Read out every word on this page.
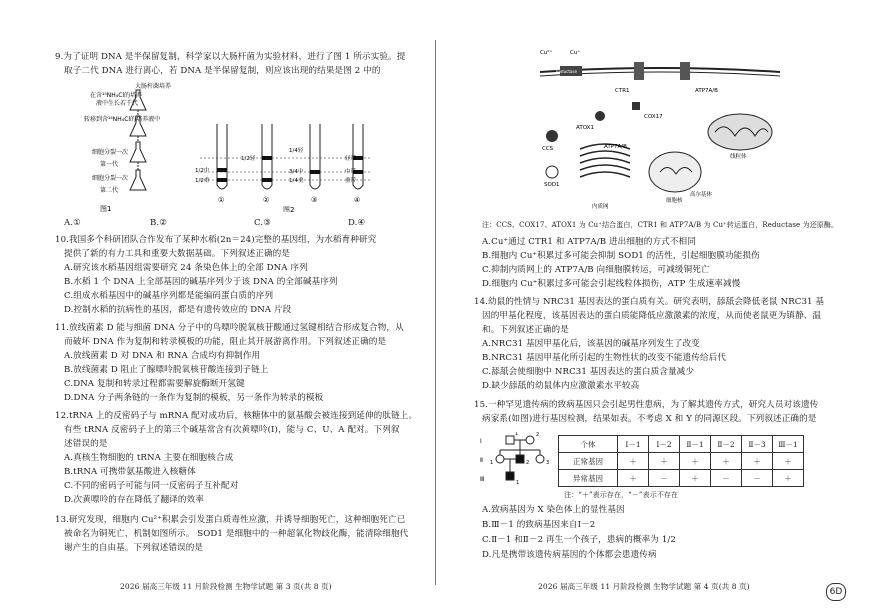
9.为了证明 DNA 是半保留复制，科学家以大肠杆菌为实验材料，进行了图 1 所示实验。提
取子二代 DNA 进行离心，若 DNA 是半保留复制，则应该出现的结果是图 2 中的
大肠杆菌培养
在含¹⁵NH₄Cl的培养
液中生长若干代
转移到含¹⁴NH₄Cl的培养液中
细胞分裂一次
第一代
细胞分裂一次
第二代
图1
1/2中
1/2重
1/2轻
1/4轻
3/4中
1/4重
轻带
中带
重带
①	②	③	④
图2
A.①	B.②	C.③	D.④
10.我国多个科研团队合作发布了某种水稻(2n＝24)完整的基因组，为水稻育种研究
提供了新的有力工具和重要大数据基础。下列叙述正确的是
A.研究该水稻基因组需要研究 24 条染色体上的全部 DNA 序列
B.水稻 1 个 DNA 上全部基因的碱基序列少于该 DNA 的全部碱基序列
C.组成水稻基因中的碱基序列都是能编码蛋白质的序列
D.控制水稻的抗病性的基因，都是有遗传效应的 DNA 片段
11.放线菌素 D 能与细菌 DNA 分子中的鸟嘌呤脱氧核苷酸通过氢键相结合形成复合物，从
而破坏 DNA 作为复制和转录模板的功能，阻止其开展游离作用。下列叙述正确的是
A.放线菌素 D 对 DNA 和 RNA 合成均有抑制作用
B.放线菌素 D 阻止了腺嘌呤脱氧核苷酸连接到子链上
C.DNA 复制和转录过程都需要解旋酶断开氢键
D.DNA 分子两条链的一条作为复制的模板，另一条作为转录的模板
12.tRNA 上的反密码子与 mRNA 配对成功后，核糖体中的氨基酸会被连接到延伸的肽链上。
有些 tRNA 反密码子上的第三个碱基常含有次黄嘌呤(I)，能与 C、U、A 配对。下列叙
述错误的是
A.真核生物细胞的 tRNA 主要在细胞核合成
B.tRNA 可携带氨基酸进入核糖体
C.不同的密码子可能与同一反密码子互补配对
D.次黄嘌呤的存在降低了翻译的效率
13.研究发现，细胞内 Cu²⁺积累会引发蛋白质毒性应激，并诱导细胞死亡，这种细胞死亡已
被命名为铜死亡，机制如图所示。 SOD1 是细胞中的一种超氧化物歧化酶，能清除细胞代
谢产生的自由基。下列叙述错误的是
2026 届高三年级 11 月阶段检测 生物学试题 第 3 页(共 8 页)
Cu²⁺	Cu⁺
Reductase
CTR1	ATP7A/B
COX17
CCS
ATOX1
ATP7A/B
SOD1
线粒体
高尔基体
内质网
细胞核
注：CCS、COX17、ATOX1 为 Cu⁺结合蛋白，CTR1 和 ATP7A/B 为 Cu⁺转运蛋白，Reductase 为还原酶。
A.Cu⁺通过 CTR1 和 ATP7A/B 进出细胞的方式不相同
B.细胞内 Cu⁺积累过多可能会抑制 SOD1 的活性，引起细胞膜功能损伤
C.抑制内质网上的 ATP7A/B 向细胞膜转运，可减缓铜死亡
D.细胞内 Cu⁺积累过多可能会引起线粒体损伤，ATP 生成速率减慢
14.幼鼠的性情与 NRC31 基因表达的蛋白质有关。研究表明，舔舐会降低老鼠 NRC31 基
因的甲基化程度，该基因表达的蛋白质能降低应激激素的浓度，从而使老鼠更为镇静、温
和。下列叙述正确的是
A.NRC31 基因甲基化后，该基因的碱基序列发生了改变
B.NRC31 基因甲基化所引起的生物性状的改变不能遗传给后代
C.舔舐会使细胞中 NRC31 基因表达的蛋白质含量减少
D.缺少舔舐的幼鼠体内应激激素水平较高
15.一种罕见遗传病的致病基因只会引起男性患病，为了解其遗传方式，研究人员对该遗传
病家系(如图)进行基因检测，结果如表。不考虑 X 和 Y 的同源区段。下列叙述正确的是
Ⅰ
Ⅱ
Ⅲ
1	2
1	2	3
1
个体	Ⅰ－1	Ⅰ－2	Ⅱ－1	Ⅱ－2	Ⅱ－3	Ⅲ－1
正常基因	＋	＋	＋	＋	＋	＋
异常基因	＋	－	＋	－	－	＋
注：“＋”表示存在，“－”表示不存在
A.致病基因为 X 染色体上的显性基因
B.Ⅲ－1 的致病基因来自Ⅰ－2
C.Ⅱ－1 和Ⅱ－2 再生一个孩子，患病的概率为 1/2
D.凡是携带该遗传病基因的个体都会患遗传病
2026 届高三年级 11 月阶段检测 生物学试题 第 4 页(共 8 页)
6D
